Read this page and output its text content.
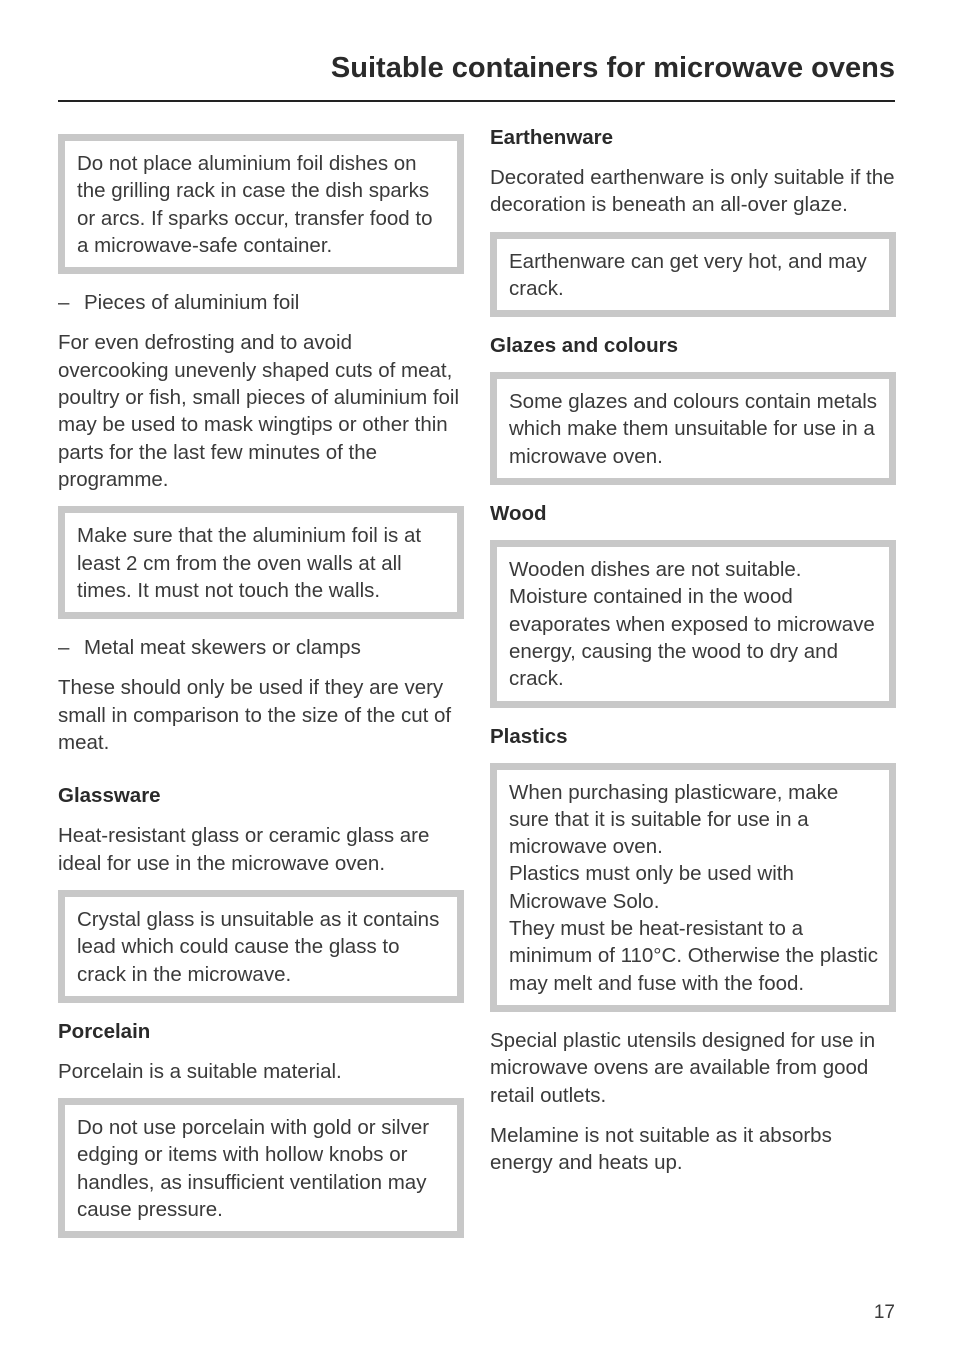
Suitable containers for microwave ovens
Do not place aluminium foil dishes on the grilling rack in case the dish sparks or arcs. If sparks occur, transfer food to a microwave-safe container.
– Pieces of aluminium foil
For even defrosting and to avoid overcooking unevenly shaped cuts of meat, poultry or fish, small pieces of aluminium foil may be used to mask wingtips or other thin parts for the last few minutes of the programme.
Make sure that the aluminium foil is at least 2 cm from the oven walls at all times. It must not touch the walls.
– Metal meat skewers or clamps
These should only be used if they are very small in comparison to the size of the cut of meat.
Glassware
Heat-resistant glass or ceramic glass are ideal for use in the microwave oven.
Crystal glass is unsuitable as it contains lead which could cause the glass to crack in the microwave.
Porcelain
Porcelain is a suitable material.
Do not use porcelain with gold or silver edging or items with hollow knobs or handles, as insufficient ventilation may cause pressure.
Earthenware
Decorated earthenware is only suitable if the decoration is beneath an all-over glaze.
Earthenware can get very hot, and may crack.
Glazes and colours
Some glazes and colours contain metals which make them unsuitable for use in a microwave oven.
Wood
Wooden dishes are not suitable. Moisture contained in the wood evaporates when exposed to microwave energy, causing the wood to dry and crack.
Plastics
When purchasing plasticware, make sure that it is suitable for use in a microwave oven.
Plastics must only be used with Microwave Solo.
They must be heat-resistant to a minimum of 110°C. Otherwise the plastic may melt and fuse with the food.
Special plastic utensils designed for use in microwave ovens are available from good retail outlets.
Melamine is not suitable as it absorbs energy and heats up.
17
